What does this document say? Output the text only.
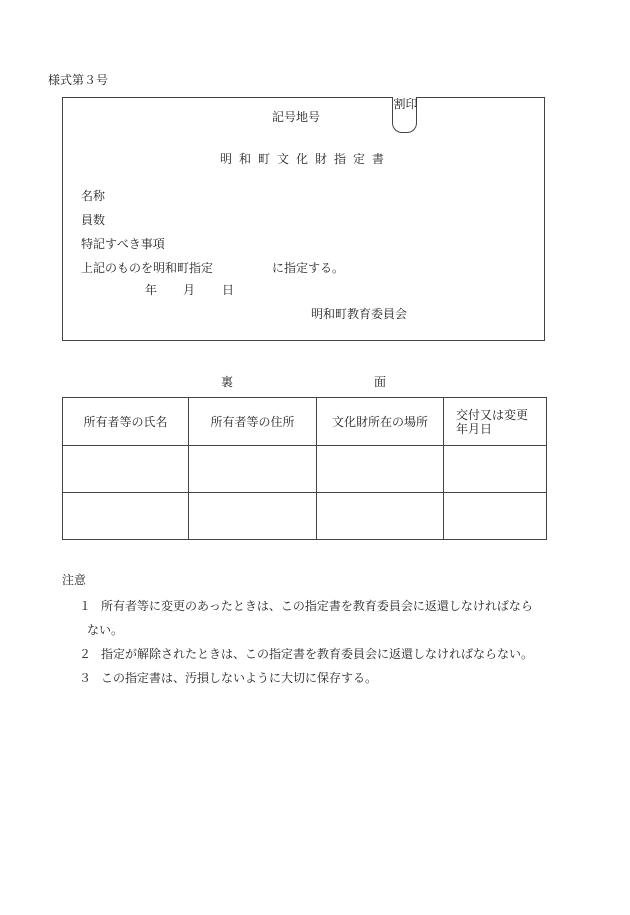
様式第３号
割印
記号地号
明和町文化財指定書
名称
員数
特記すべき事項
上記のものを明和町指定	に指定する。
年 月 日
明和町教育委員会
裏	面
所有者等の氏名	所有者等の住所	文化財所在の場所	交付又は変更年月日

注意
１ 所有者等に変更のあったときは、この指定書を教育委員会に返還しなければなら
ない。
２ 指定が解除されたときは、この指定書を教育委員会に返還しなければならない。
３ この指定書は、汚損しないように大切に保存する。
